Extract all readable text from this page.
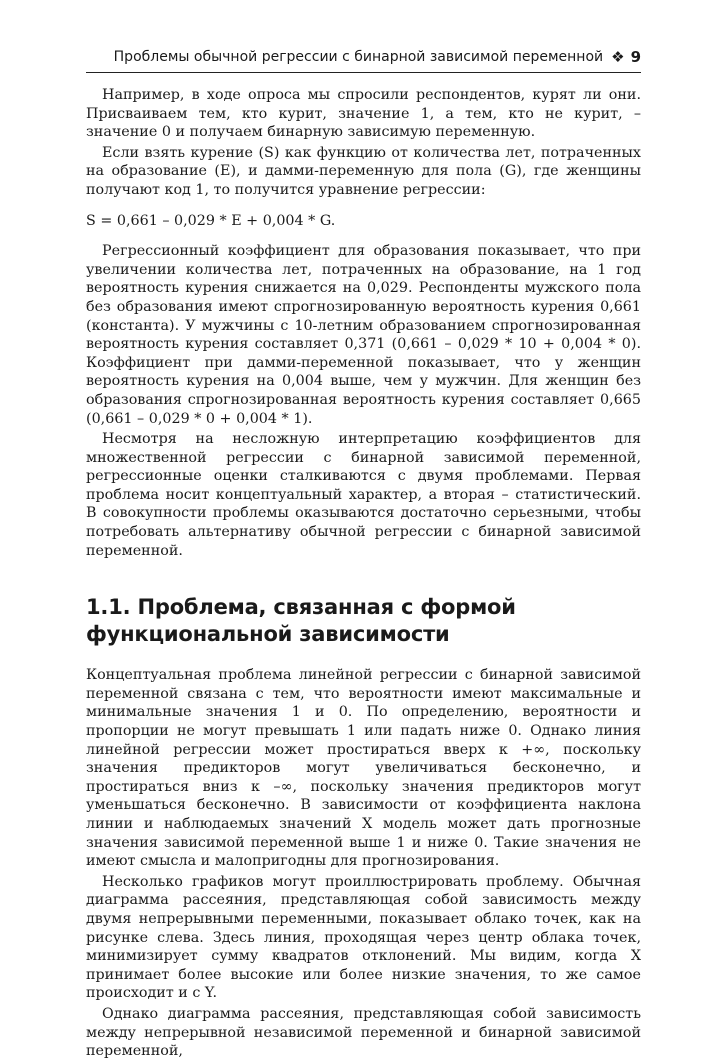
Проблемы обычной регрессии с бинарной зависимой переменной ❖ 9

Например, в ходе опроса мы спросили респондентов, курят ли они. Присваиваем тем, кто курит, значение 1, а тем, кто не курит, – значение 0 и получаем бинарную зависимую переменную.

Если взять курение (S) как функцию от количества лет, потраченных на образование (E), и дамми-переменную для пола (G), где женщины получают код 1, то получится уравнение регрессии:

S = 0,661 – 0,029 * E + 0,004 * G.

Регрессионный коэффициент для образования показывает, что при увеличении количества лет, потраченных на образование, на 1 год вероятность курения снижается на 0,029. Респонденты мужского пола без образования имеют спрогнозированную вероятность курения 0,661 (константа). У мужчины с 10-летним образованием спрогнозированная вероятность курения составляет 0,371 (0,661 – 0,029 * 10 + 0,004 * 0). Коэффициент при дамми-переменной показывает, что у женщин вероятность курения на 0,004 выше, чем у мужчин. Для женщин без образования спрогнозированная вероятность курения составляет 0,665 (0,661 – 0,029 * 0 + 0,004 * 1).

Несмотря на несложную интерпретацию коэффициентов для множественной регрессии с бинарной зависимой переменной, регрессионные оценки сталкиваются с двумя проблемами. Первая проблема носит концептуальный характер, а вторая – статистический. В совокупности проблемы оказываются достаточно серьезными, чтобы потребовать альтернативу обычной регрессии с бинарной зависимой переменной.

1.1. Проблема, связанная с формой функциональной зависимости

Концептуальная проблема линейной регрессии с бинарной зависимой переменной связана с тем, что вероятности имеют максимальные и минимальные значения 1 и 0. По определению, вероятности и пропорции не могут превышать 1 или падать ниже 0. Однако линия линейной регрессии может простираться вверх к +∞, поскольку значения предикторов могут увеличиваться бесконечно, и простираться вниз к –∞, поскольку значения предикторов могут уменьшаться бесконечно. В зависимости от коэффициента наклона линии и наблюдаемых значений X модель может дать прогнозные значения зависимой переменной выше 1 и ниже 0. Такие значения не имеют смысла и малопригодны для прогнозирования.

Несколько графиков могут проиллюстрировать проблему. Обычная диаграмма рассеяния, представляющая собой зависимость между двумя непрерывными переменными, показывает облако точек, как на рисунке слева. Здесь линия, проходящая через центр облака точек, минимизирует сумму квадратов отклонений. Мы видим, когда X принимает более высокие или более низкие значения, то же самое происходит и с Y.

Однако диаграмма рассеяния, представляющая собой зависимость между непрерывной независимой переменной и бинарной зависимой переменной,
